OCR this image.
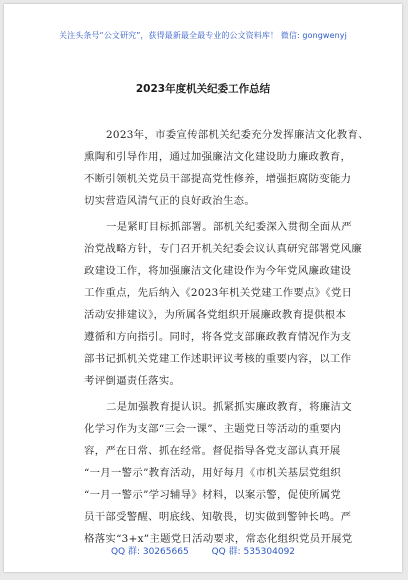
关注头条号“公文研究”，获得最新最全最专业的公文资料库！ 微信: gongwenyj
2023年度机关纪委工作总结
2023年，市委宣传部机关纪委充分发挥廉洁文化教育、
熏陶和引导作用，通过加强廉洁文化建设助力廉政教育，
不断引领机关党员干部提高党性修养，增强拒腐防变能力
切实营造风清气正的良好政治生态。
一是紧盯目标抓部署。部机关纪委深入贯彻全面从严
治党战略方针，专门召开机关纪委会议认真研究部署党风廉
政建设工作，将加强廉洁文化建设作为今年党风廉政建设
工作重点，先后纳入《2023年机关党建工作要点》《党日
活动安排建议》，为所属各党组织开展廉政教育提供根本
遵循和方向指引。同时，将各党支部廉政教育情况作为支
部书记抓机关党建工作述职评议考核的重要内容，以工作
考评倒逼责任落实。
二是加强教育提认识。抓紧抓实廉政教育，将廉洁文
化学习作为支部“三会一课”、主题党日等活动的重要内
容，严在日常、抓在经常。督促指导各党支部认真开展
“一月一警示”教育活动，用好每月《市机关基层党组织
“一月一警示”学习辅导》材料，以案示警，促使所属党
员干部受警醒、明底线、知敬畏，切实做到警钟长鸣。严
格落实“3+x”主题党日活动要求，常态化组织党员开展党
QQ 群: 30265665	QQ 群: 535304092
